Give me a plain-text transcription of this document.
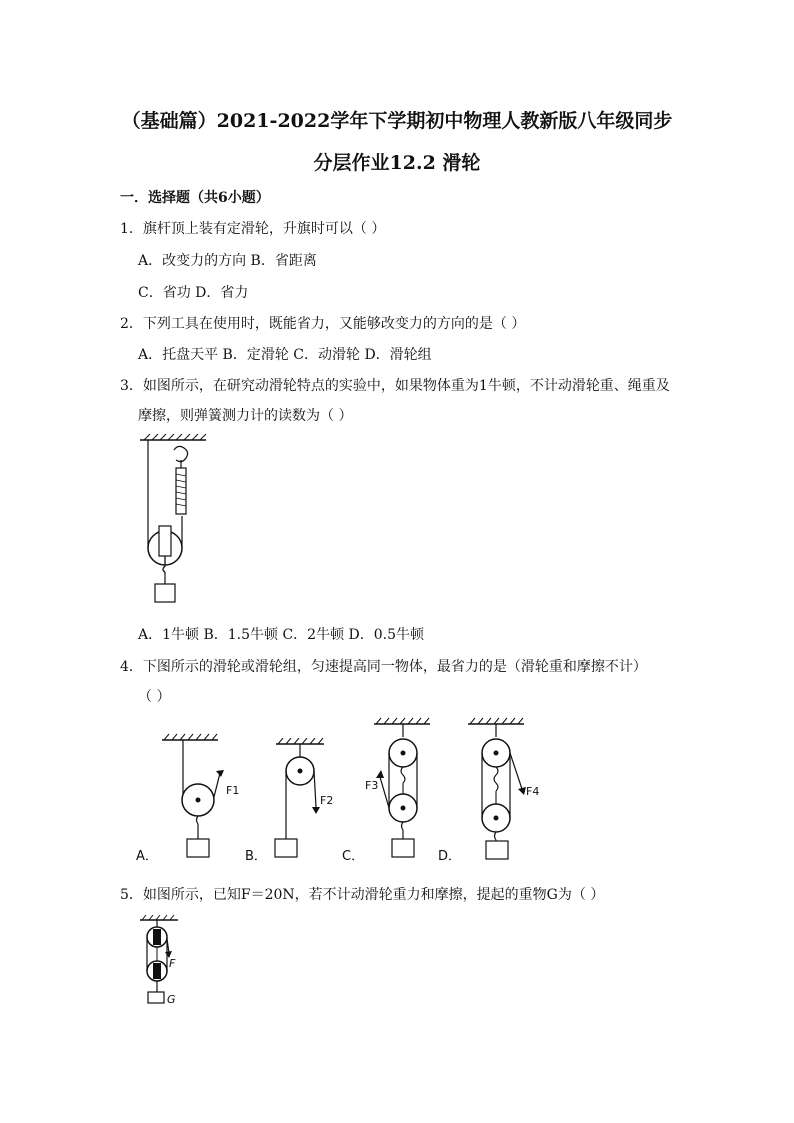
（基础篇）2021-2022学年下学期初中物理人教新版八年级同步
分层作业12.2 滑轮
一．选择题（共6小题）
1．旗杆顶上装有定滑轮，升旗时可以（ ）
A．改变力的方向 B．省距离
C．省功 D．省力
2．下列工具在使用时，既能省力，又能够改变力的方向的是（ ）
A．托盘天平 B．定滑轮 C．动滑轮 D．滑轮组
3．如图所示，在研究动滑轮特点的实验中，如果物体重为1牛顿，不计动滑轮重、绳重及
摩擦，则弹簧测力计的读数为（ ）
A．1牛顿 B．1.5牛顿 C．2牛顿 D．0.5牛顿
4．下图所示的滑轮或滑轮组，匀速提高同一物体，最省力的是（滑轮重和摩擦不计）
（ ）
A．	B．	C．	D．
F1
F2
F3	F4
5．如图所示，已知F＝20N，若不计动滑轮重力和摩擦，提起的重物G为（ ）
F
G
